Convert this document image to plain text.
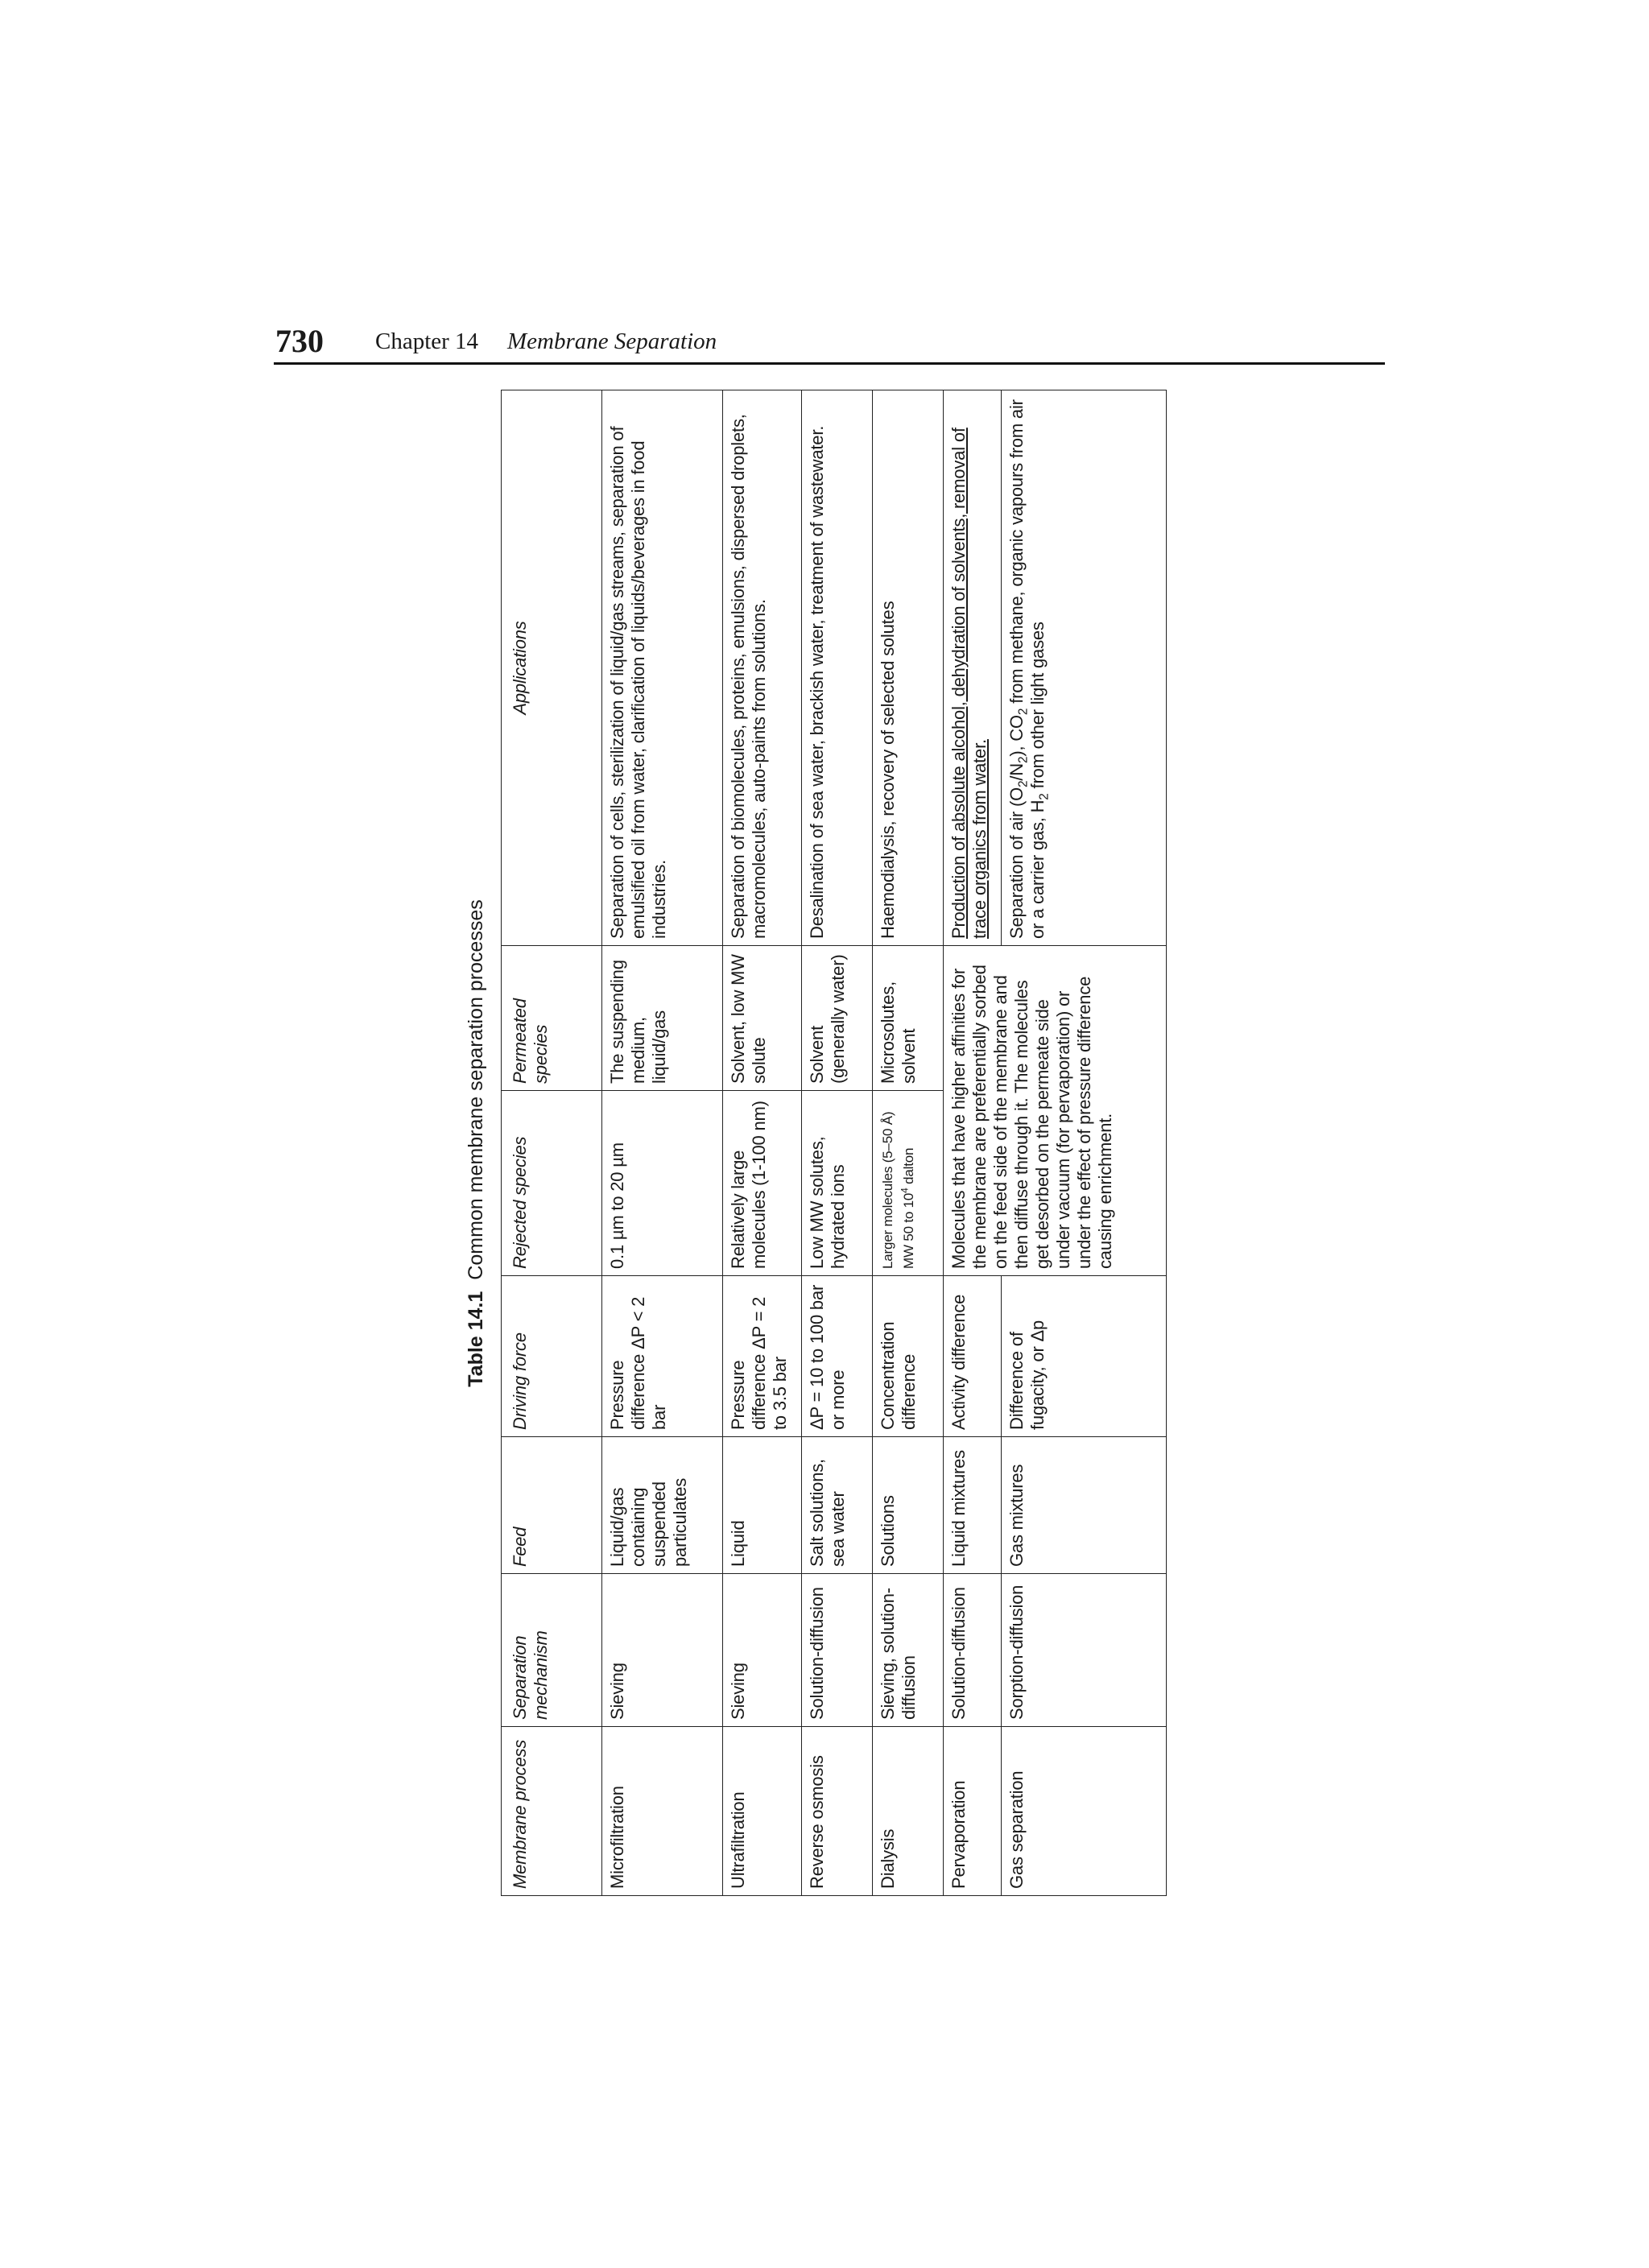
730 Chapter 14 Membrane Separation
Table 14.1Common membrane separation processes
Membrane process	Separation mechanism	Feed	Driving force	Rejected species	Permeated species	Applications
Microfiltration	Sieving	Liquid/gas containing suspended particulates	Pressure difference ΔP < 2 bar	0.1 µm to 20 µm	The suspending medium, liquid/gas	Separation of cells, sterilization of liquid/gas streams, separation of emulsified oil from water, clarification of liquids/beverages in food industries.
Ultrafiltration	Sieving	Liquid	Pressure difference ΔP = 2 to 3.5 bar	Relatively large molecules (1-100 nm)	Solvent, low MW solute	Separation of biomolecules, proteins, emulsions, dispersed droplets, macromolecules, auto-paints from solutions.
Reverse osmosis	Solution-diffusion	Salt solutions, sea water	ΔP = 10 to 100 bar or more	Low MW solutes, hydrated ions	Solvent (generally water)	Desalination of sea water, brackish water, treatment of wastewater.
Dialysis	Sieving, solution-diffusion	Solutions	Concentration difference	Larger molecules (5–50 Å) MW 50 to $10^4$ dalton	Microsolutes, solvent	Haemodialysis, recovery of selected solutes
Pervaporation	Solution-diffusion	Liquid mixtures	Activity difference	Molecules that have higher affinities for the membrane are preferentially sorbed on the feed side of the membrane and then diffuse through it. The molecules get desorbed on the permeate side under vacuum (for pervaporation) or under the effect of pressure difference causing enrichment.		Production of absolute alcohol, dehydration of solvents, removal of trace organics from water.
Gas separation	Sorption-diffusion	Gas mixtures	Difference of fugacity, or Δp			Separation of air $(O_2/N_2)$, $CO_2$ from methane, organic vapours from air or a carrier gas, $H_2$ from other light gases
